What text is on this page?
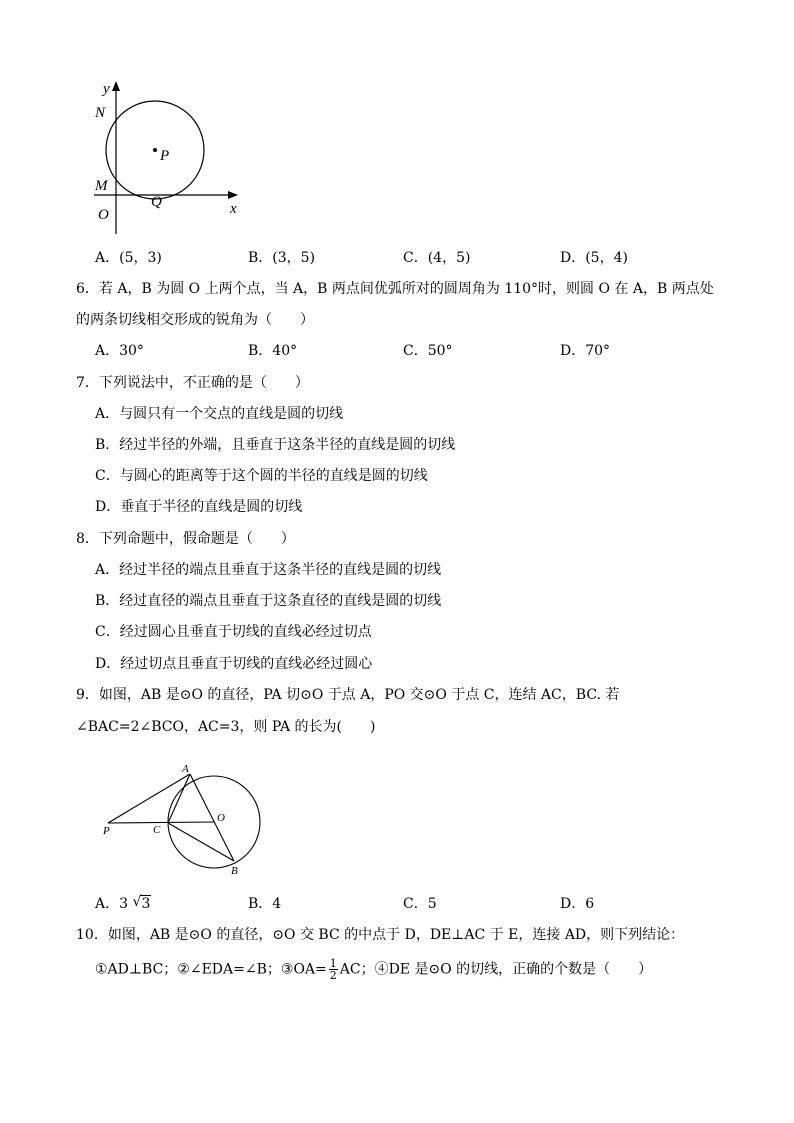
y
N
P
M
Q
O	x
A．(5，3)	B．(3，5)	C．(4，5)	D．(5，4)
6．若 A，B 为圆 O 上两个点，当 A，B 两点间优弧所对的圆周角为 110°时，则圆 O 在 A，B 两点处
的两条切线相交形成的锐角为（　　）
A．30°	B．40°	C．50°	D．70°
7．下列说法中，不正确的是（　　）
A．与圆只有一个交点的直线是圆的切线
B．经过半径的外端，且垂直于这条半径的直线是圆的切线
C．与圆心的距离等于这个圆的半径的直线是圆的切线
D．垂直于半径的直线是圆的切线
8．下列命题中，假命题是（　　）
A．经过半径的端点且垂直于这条半径的直线是圆的切线
B．经过直径的端点且垂直于这条直径的直线是圆的切线
C．经过圆心且垂直于切线的直线必经过切点
D．经过切点且垂直于切线的直线必经过圆心
9．如图，AB 是⊙O 的直径，PA 切⊙O 于点 A，PO 交⊙O 于点 C，连结 AC，BC. 若
∠BAC=2∠BCO，AC=3，则 PA 的长为(　　)
A
O
P	C
B
A．3 √ 3	B．4	C．5	D．6
10．如图，AB 是⊙O 的直径，⊙O 交 BC 的中点于 D，DE⊥AC 于 E，连接 AD，则下列结论：
①AD⊥BC；②∠EDA=∠B；③OA= $\frac{1}{2}$ AC；④DE 是⊙O 的切线，正确的个数是（　　）
